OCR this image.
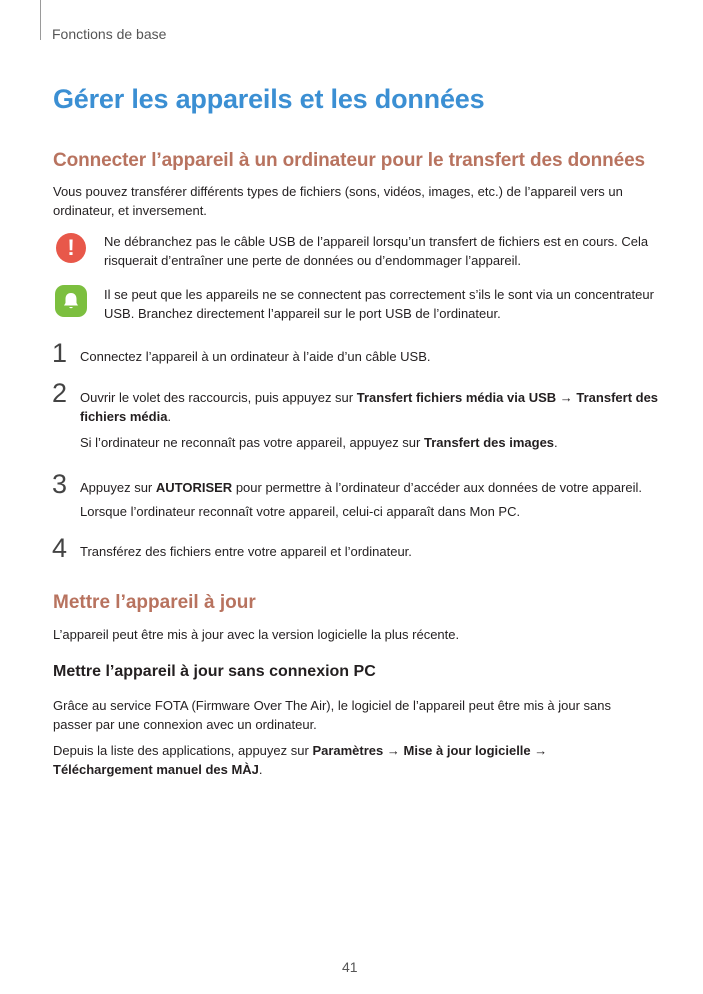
Fonctions de base
Gérer les appareils et les données
Connecter l’appareil à un ordinateur pour le transfert des données

Vous pouvez transférer différents types de fichiers (sons, vidéos, images, etc.) de l’appareil vers un ordinateur, et inversement.

!	Ne débranchez pas le câble USB de l’appareil lorsqu’un transfert de fichiers est en cours. Cela risquerait d’entraîner une perte de données ou d’endommager l’appareil.

Il se peut que les appareils ne se connectent pas correctement s’ils le sont via un concentrateur USB. Branchez directement l’appareil sur le port USB de l’ordinateur.

1 Connectez l’appareil à un ordinateur à l’aide d’un câble USB.

2 Ouvrir le volet des raccourcis, puis appuyez sur Transfert fichiers média via USB → Transfert des fichiers média.

Si l’ordinateur ne reconnaît pas votre appareil, appuyez sur Transfert des images.

3 Appuyez sur AUTORISER pour permettre à l’ordinateur d’accéder aux données de votre appareil.

Lorsque l’ordinateur reconnaît votre appareil, celui-ci apparaît dans Mon PC.

4 Transférez des fichiers entre votre appareil et l’ordinateur.

Mettre l’appareil à jour

L’appareil peut être mis à jour avec la version logicielle la plus récente.

Mettre l’appareil à jour sans connexion PC

Grâce au service FOTA (Firmware Over The Air), le logiciel de l’appareil peut être mis à jour sans passer par une connexion avec un ordinateur.

Depuis la liste des applications, appuyez sur Paramètres → Mise à jour logicielle →
Téléchargement manuel des MÀJ.

41
